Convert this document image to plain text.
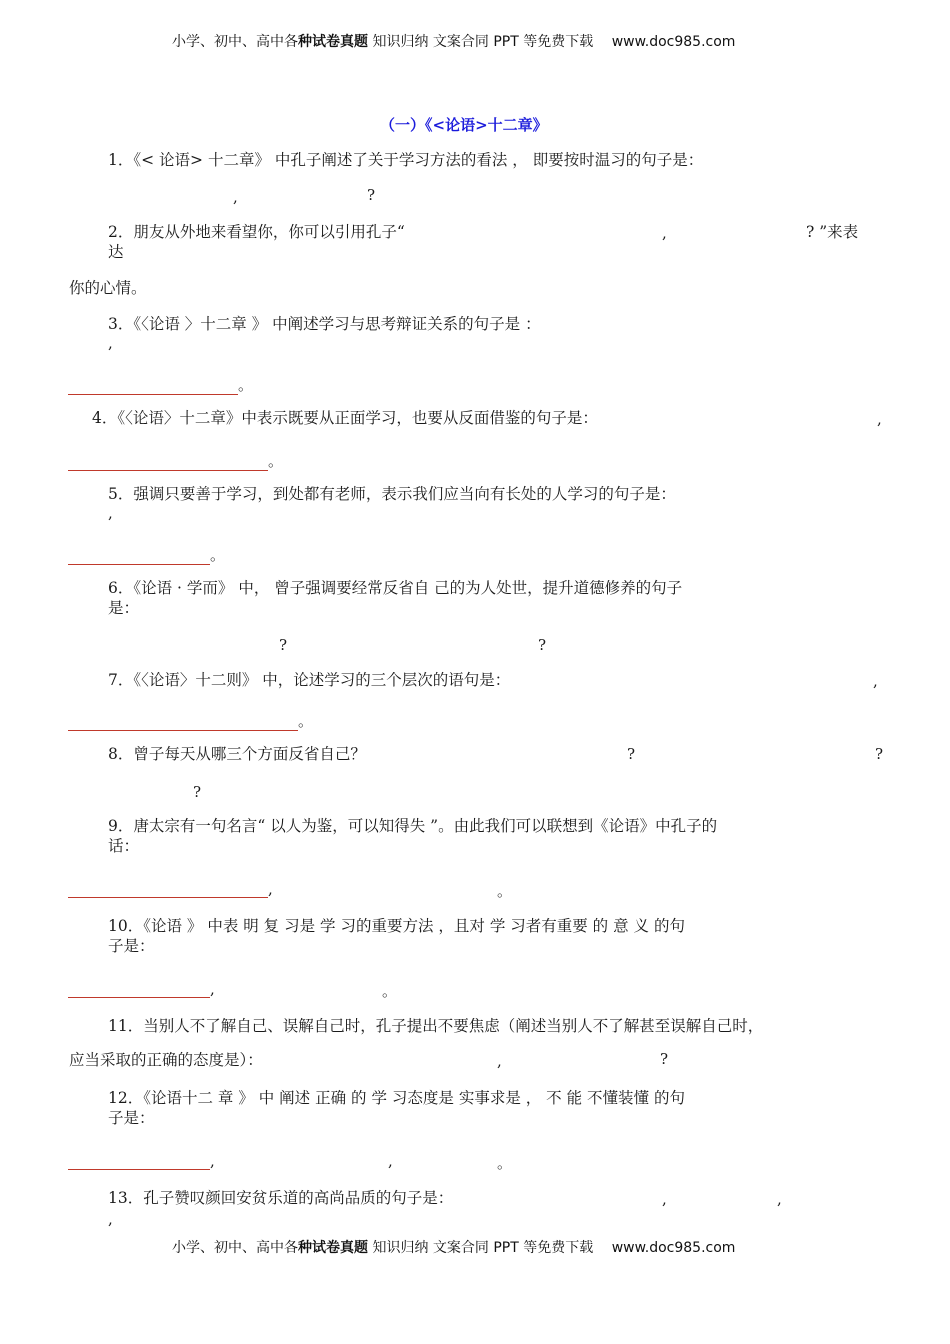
小学、初中、高中各种试卷真题 知识归纳 文案合同 PPT 等免费下载 www.doc985.com
（一）《<论语>十二章》
1．《< 论语> 十二章》 中孔子阐述了关于学习方法的看法 ， 即要按时温习的句子是：
,	?
2．朋友从外地来看望你，你可以引用孔子“	,	? ”来表
达
你的心情。
3．《〈论语 〉十二章 》 中阐述学习与思考辩证关系的句子是 ：
,
。
4．《〈论语〉十二章》中表示既要从正面学习，也要从反面借鉴的句子是：	,
。
5．强调只要善于学习，到处都有老师，表示我们应当向有长处的人学习的句子是：
,
。
6．《论语 · 学而》 中， 曾子强调要经常反省自 己的为人处世，提升道德修养的句子
是：
?	?
7．《〈论语〉十二则》 中，论述学习的三个层次的语句是：	,
。
8．曾子每天从哪三个方面反省自己？	?	?
?
9．唐太宗有一句名言“ 以人为鉴，可以知得失 ”。由此我们可以联想到《论语》中孔子的
话：
,	。
10．《论语 》 中表 明 复 习是 学 习的重要方法 ，且对 学 习者有重要 的 意 义 的句
子是：
,	。
11．当别人不了解自己、误解自己时，孔子提出不要焦虑（阐述当别人不了解甚至误解自己时，
应当采取的正确的态度是）：	,	?
12．《论语十二 章 》 中 阐述 正确 的 学 习态度是 实事求是 ， 不 能 不懂装懂 的句
子是：
,	,	。
13．孔子赞叹颜回安贫乐道的高尚品质的句子是：	,	,
,
小学、初中、高中各种试卷真题 知识归纳 文案合同 PPT 等免费下载 www.doc985.com
